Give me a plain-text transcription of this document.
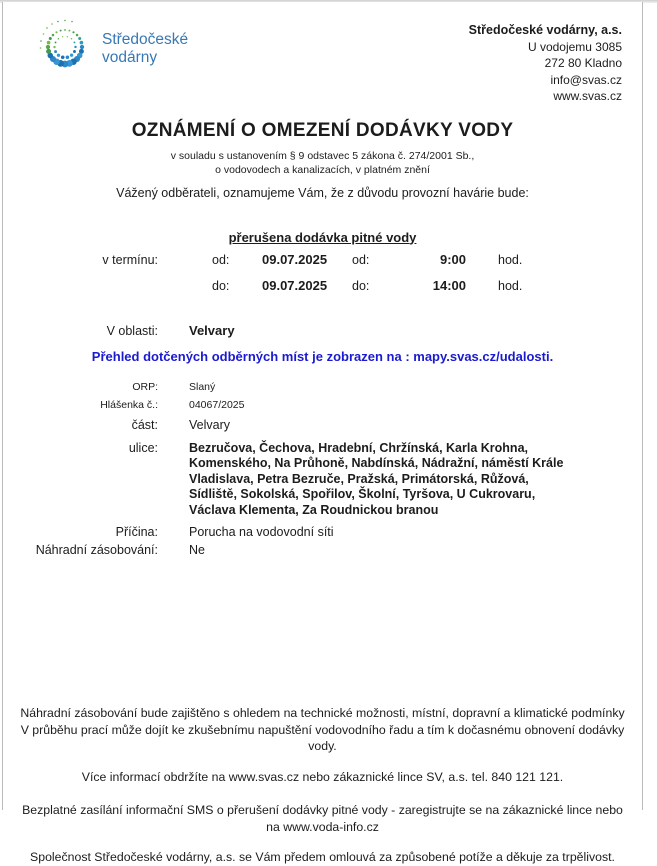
Středočeské
vodárny
Středočeské vodárny, a.s.
U vodojemu 3085
272 80 Kladno
info@svas.cz
www.svas.cz
OZNÁMENÍ O OMEZENÍ DODÁVKY VODY
v souladu s ustanovením § 9 odstavec 5 zákona č. 274/2001 Sb.,
o vodovodech a kanalizacích, v platném znění
Vážený odběrateli, oznamujeme Vám, že z důvodu provozní havárie bude:
přerušena dodávka pitné vody
v termínu:	od:	09.07.2025	od:	9:00	hod.
do:	09.07.2025	do:	14:00	hod.
V oblasti: Velvary
Přehled dotčených odběrných míst je zobrazen na : mapy.svas.cz/udalosti.
ORP:	Slaný
Hlášenka č.:	04067/2025
část: Velvary
ulice: Bezručova, Čechova, Hradební, Chržínská, Karla Krohna, Komenského, Na Průhoně, Nabdínská, Nádražní, náměstí Krále Vladislava, Petra Bezruče, Pražská, Primátorská, Růžová, Sídliště, Sokolská, Spořilov, Školní, Tyršova, U Cukrovaru, Václava Klementa, Za Roudnickou branou
Příčina: Porucha na vodovodní síti
Náhradní zásobování: Ne
Náhradní zásobování bude zajištěno s ohledem na technické možnosti, místní, dopravní a klimatické podmínky
V průběhu prací může dojít ke zkušebnímu napuštění vodovodního řadu a tím k dočasnému obnovení dodávky vody.
Více informací obdržíte na www.svas.cz nebo zákaznické lince SV, a.s. tel. 840 121 121.
Bezplatné zasílání informační SMS o přerušení dodávky pitné vody - zaregistrujte se na zákaznické lince nebo na www.voda-info.cz
Společnost Středočeské vodárny, a.s. se Vám předem omlouvá za způsobené potíže a děkuje za trpělivost.
